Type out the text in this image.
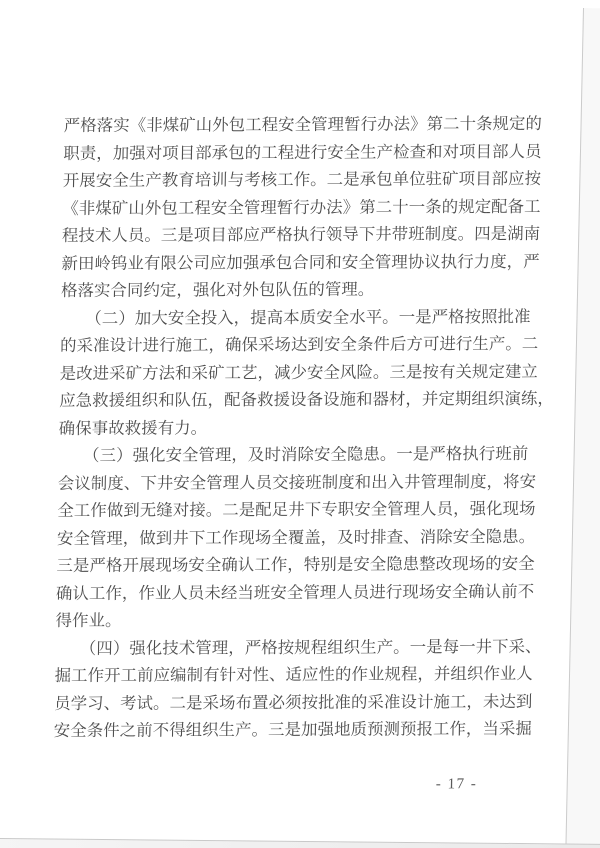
严格落实《非煤矿山外包工程安全管理暂行办法》第二十条规定的
职责，加强对项目部承包的工程进行安全生产检查和对项目部人员
开展安全生产教育培训与考核工作。二是承包单位驻矿项目部应按
《非煤矿山外包工程安全管理暂行办法》第二十一条的规定配备工
程技术人员。三是项目部应严格执行领导下井带班制度。四是湖南
新田岭钨业有限公司应加强承包合同和安全管理协议执行力度，严
格落实合同约定，强化对外包队伍的管理。
　　（二）加大安全投入，提高本质安全水平。一是严格按照批准
的采准设计进行施工，确保采场达到安全条件后方可进行生产。二
是改进采矿方法和采矿工艺，减少安全风险。三是按有关规定建立
应急救援组织和队伍，配备救援设备设施和器材，并定期组织演练，
确保事故救援有力。
　　（三）强化安全管理，及时消除安全隐患。一是严格执行班前
会议制度、下井安全管理人员交接班制度和出入井管理制度，将安
全工作做到无缝对接。二是配足井下专职安全管理人员，强化现场
安全管理，做到井下工作现场全覆盖，及时排查、消除安全隐患。
三是严格开展现场安全确认工作，特别是安全隐患整改现场的安全
确认工作，作业人员未经当班安全管理人员进行现场安全确认前不
得作业。
　　（四）强化技术管理，严格按规程组织生产。一是每一井下采、
掘工作开工前应编制有针对性、适应性的作业规程，并组织作业人
员学习、考试。二是采场布置必须按批准的采准设计施工，未达到
安全条件之前不得组织生产。三是加强地质预测预报工作，当采掘
- 17 -
